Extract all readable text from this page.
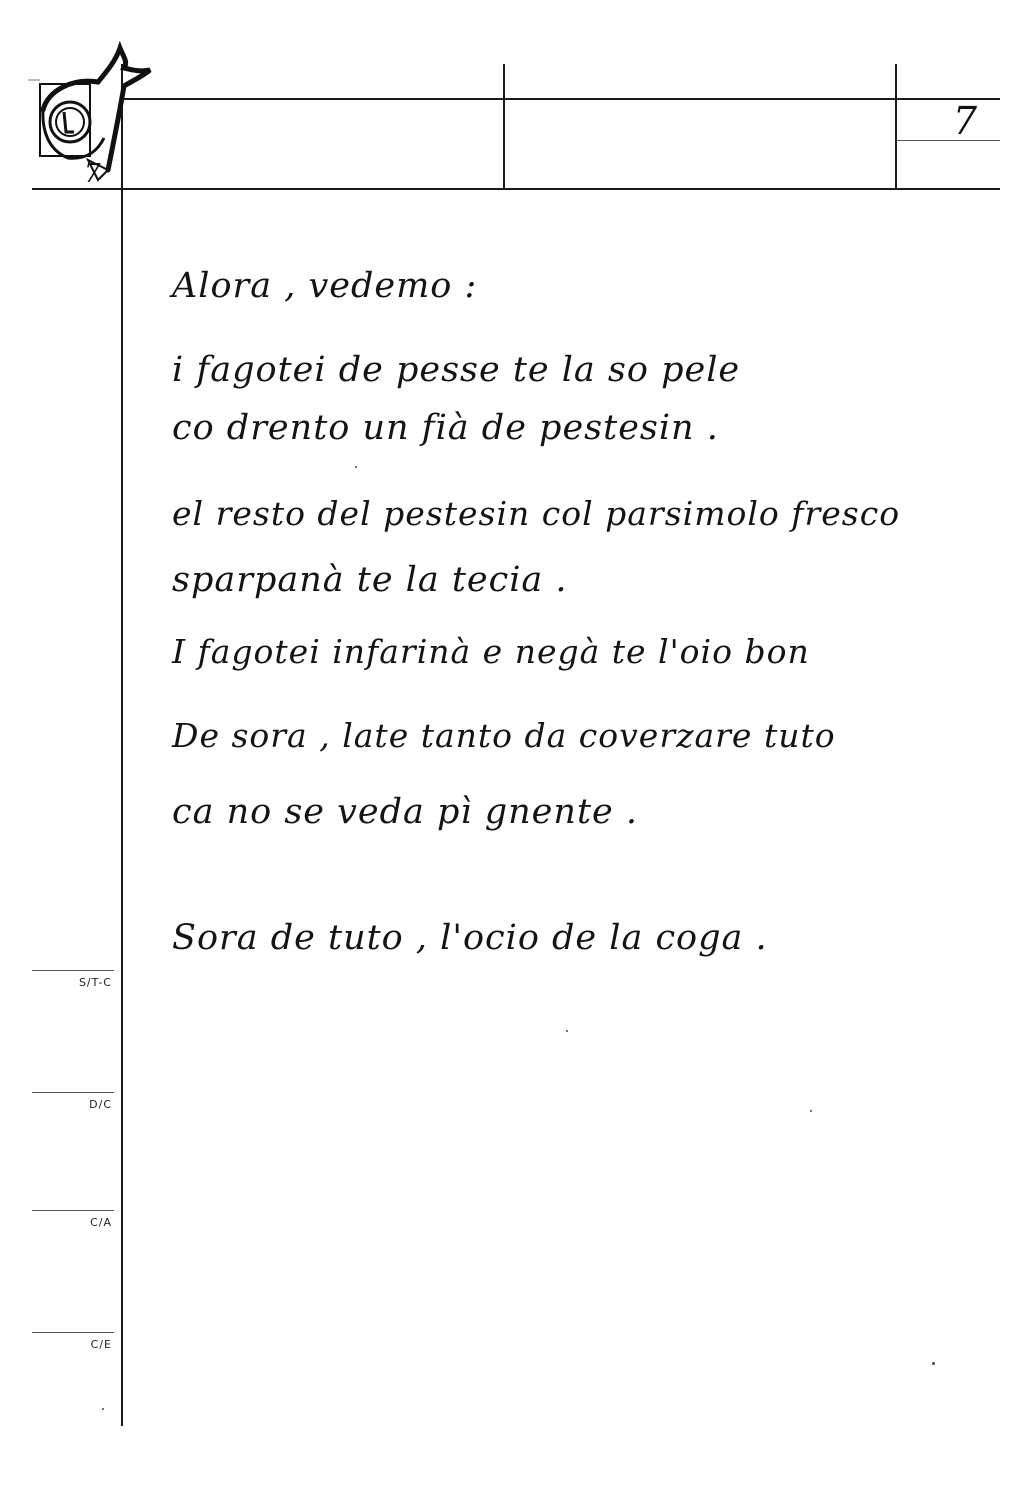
7
7
S/T-C
D/C
C/A
C/E
Alora , vedemo :
i fagotei de pesse te la so pele
co drento un fià de pestesin .
el resto del pestesin col parsimolo fresco
sparpanà te la tecia .
I fagotei infarinà e negà te l'oio bon
De sora , late tanto da coverzare tuto
ca no se veda pì gnente .
Sora de tuto , l'ocio de la coga .
